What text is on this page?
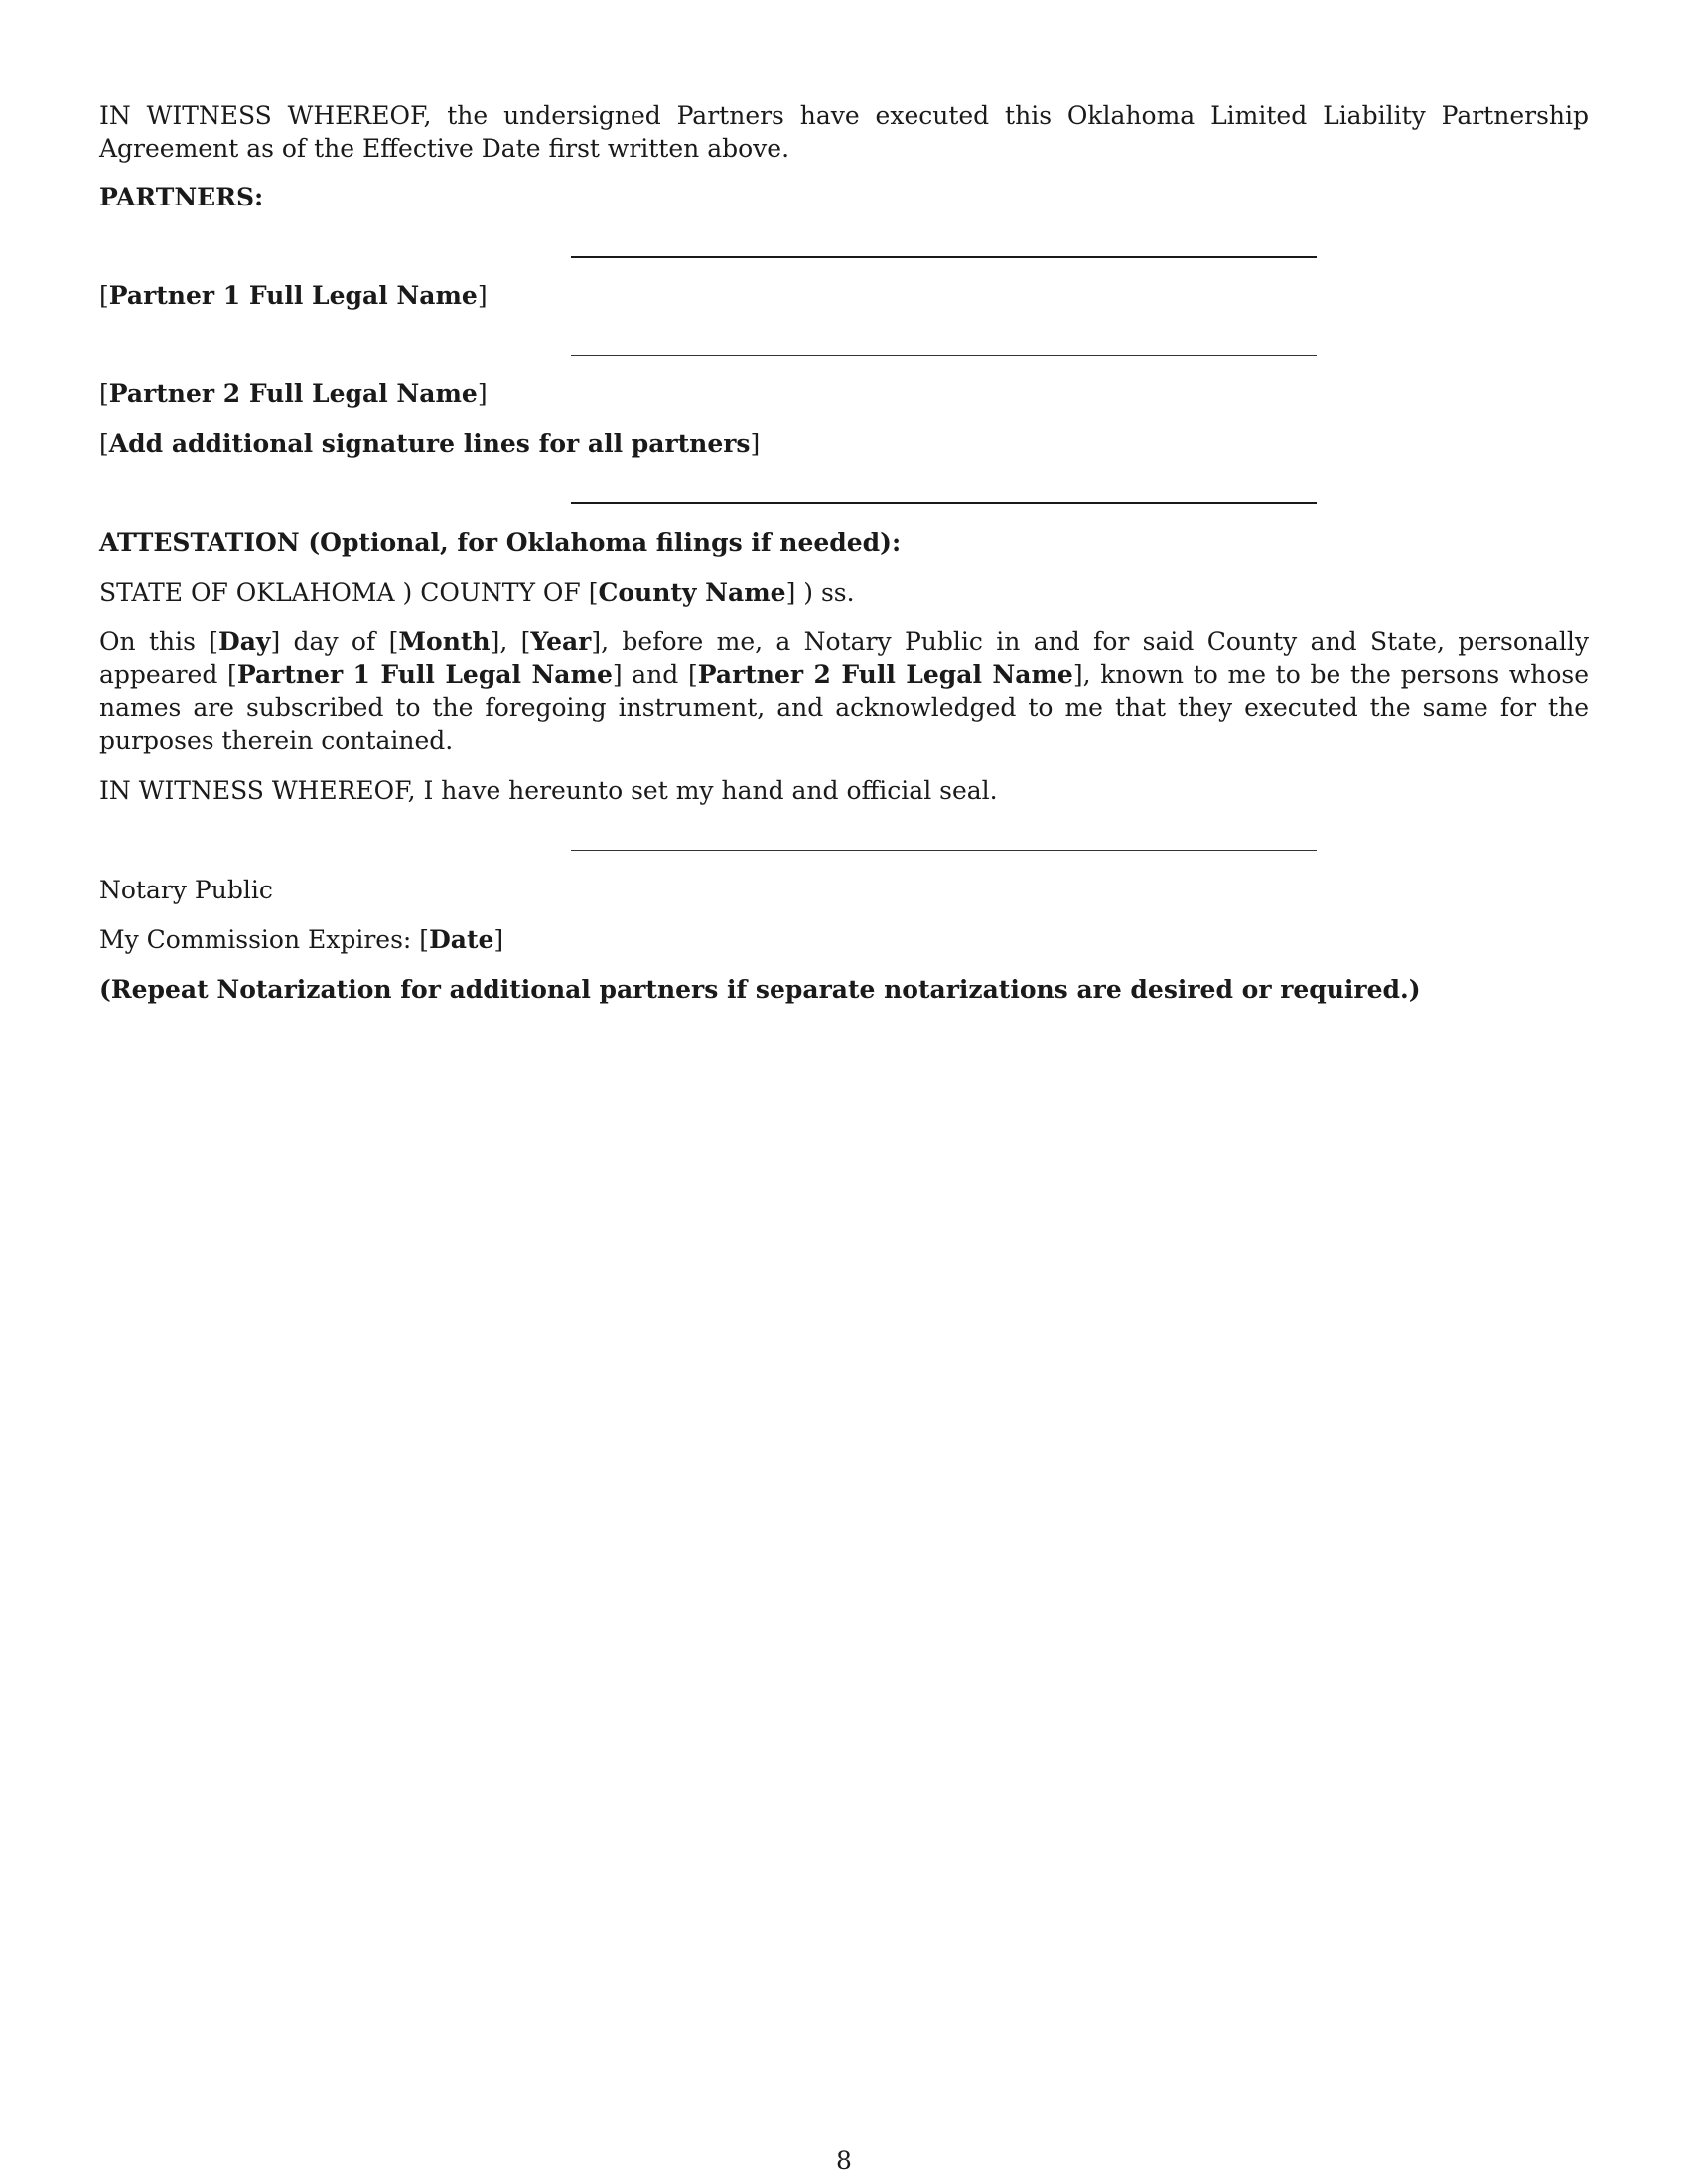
IN WITNESS WHEREOF, the undersigned Partners have executed this Oklahoma Limited Liability Partnership Agreement as of the Effective Date first written above.

PARTNERS:

[Partner 1 Full Legal Name]

[Partner 2 Full Legal Name]

[Add additional signature lines for all partners]

ATTESTATION (Optional, for Oklahoma filings if needed):

STATE OF OKLAHOMA ) COUNTY OF [County Name] ) ss.

On this [Day] day of [Month], [Year], before me, a Notary Public in and for said County and State, personally appeared [Partner 1 Full Legal Name] and [Partner 2 Full Legal Name], known to me to be the persons whose names are subscribed to the foregoing instrument, and acknowledged to me that they executed the same for the purposes therein contained.

IN WITNESS WHEREOF, I have hereunto set my hand and official seal.

Notary Public

My Commission Expires: [Date]

(Repeat Notarization for additional partners if separate notarizations are desired or required.)

8
